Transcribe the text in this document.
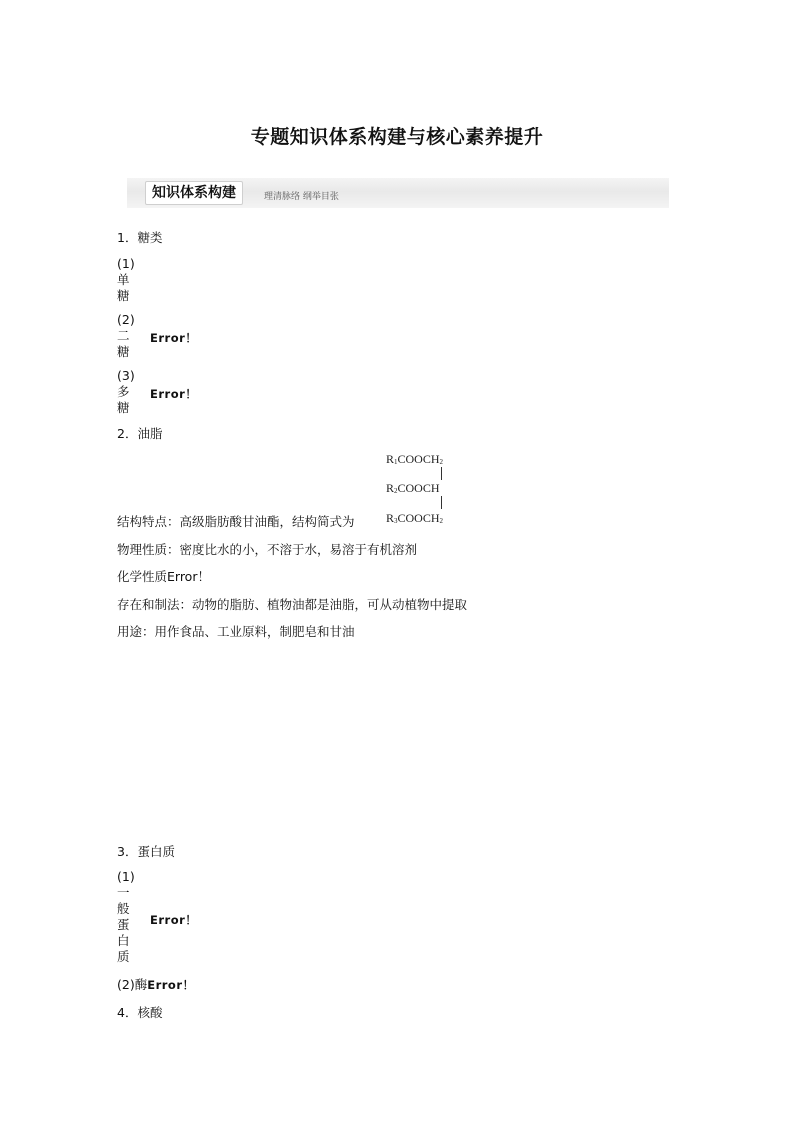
专题知识体系构建与核心素养提升
知识体系构建	理清脉络 纲举目张
1．糖类
(1)
单
糖
(2)
二
糖
Error！
(3)
多
糖
Error！
2．油脂
$R_1COOCH_2$
$R_2COOCH$
$R_3COOCH_2$
结构特点：高级脂肪酸甘油酯，结构简式为
物理性质：密度比水的小，不溶于水，易溶于有机溶剂
化学性质Error！
存在和制法：动物的脂肪、植物油都是油脂，可从动植物中提取
用途：用作食品、工业原料，制肥皂和甘油
3．蛋白质
(1)
一
般
蛋
白
质
Error！
(2)酶Error！
4．核酸
